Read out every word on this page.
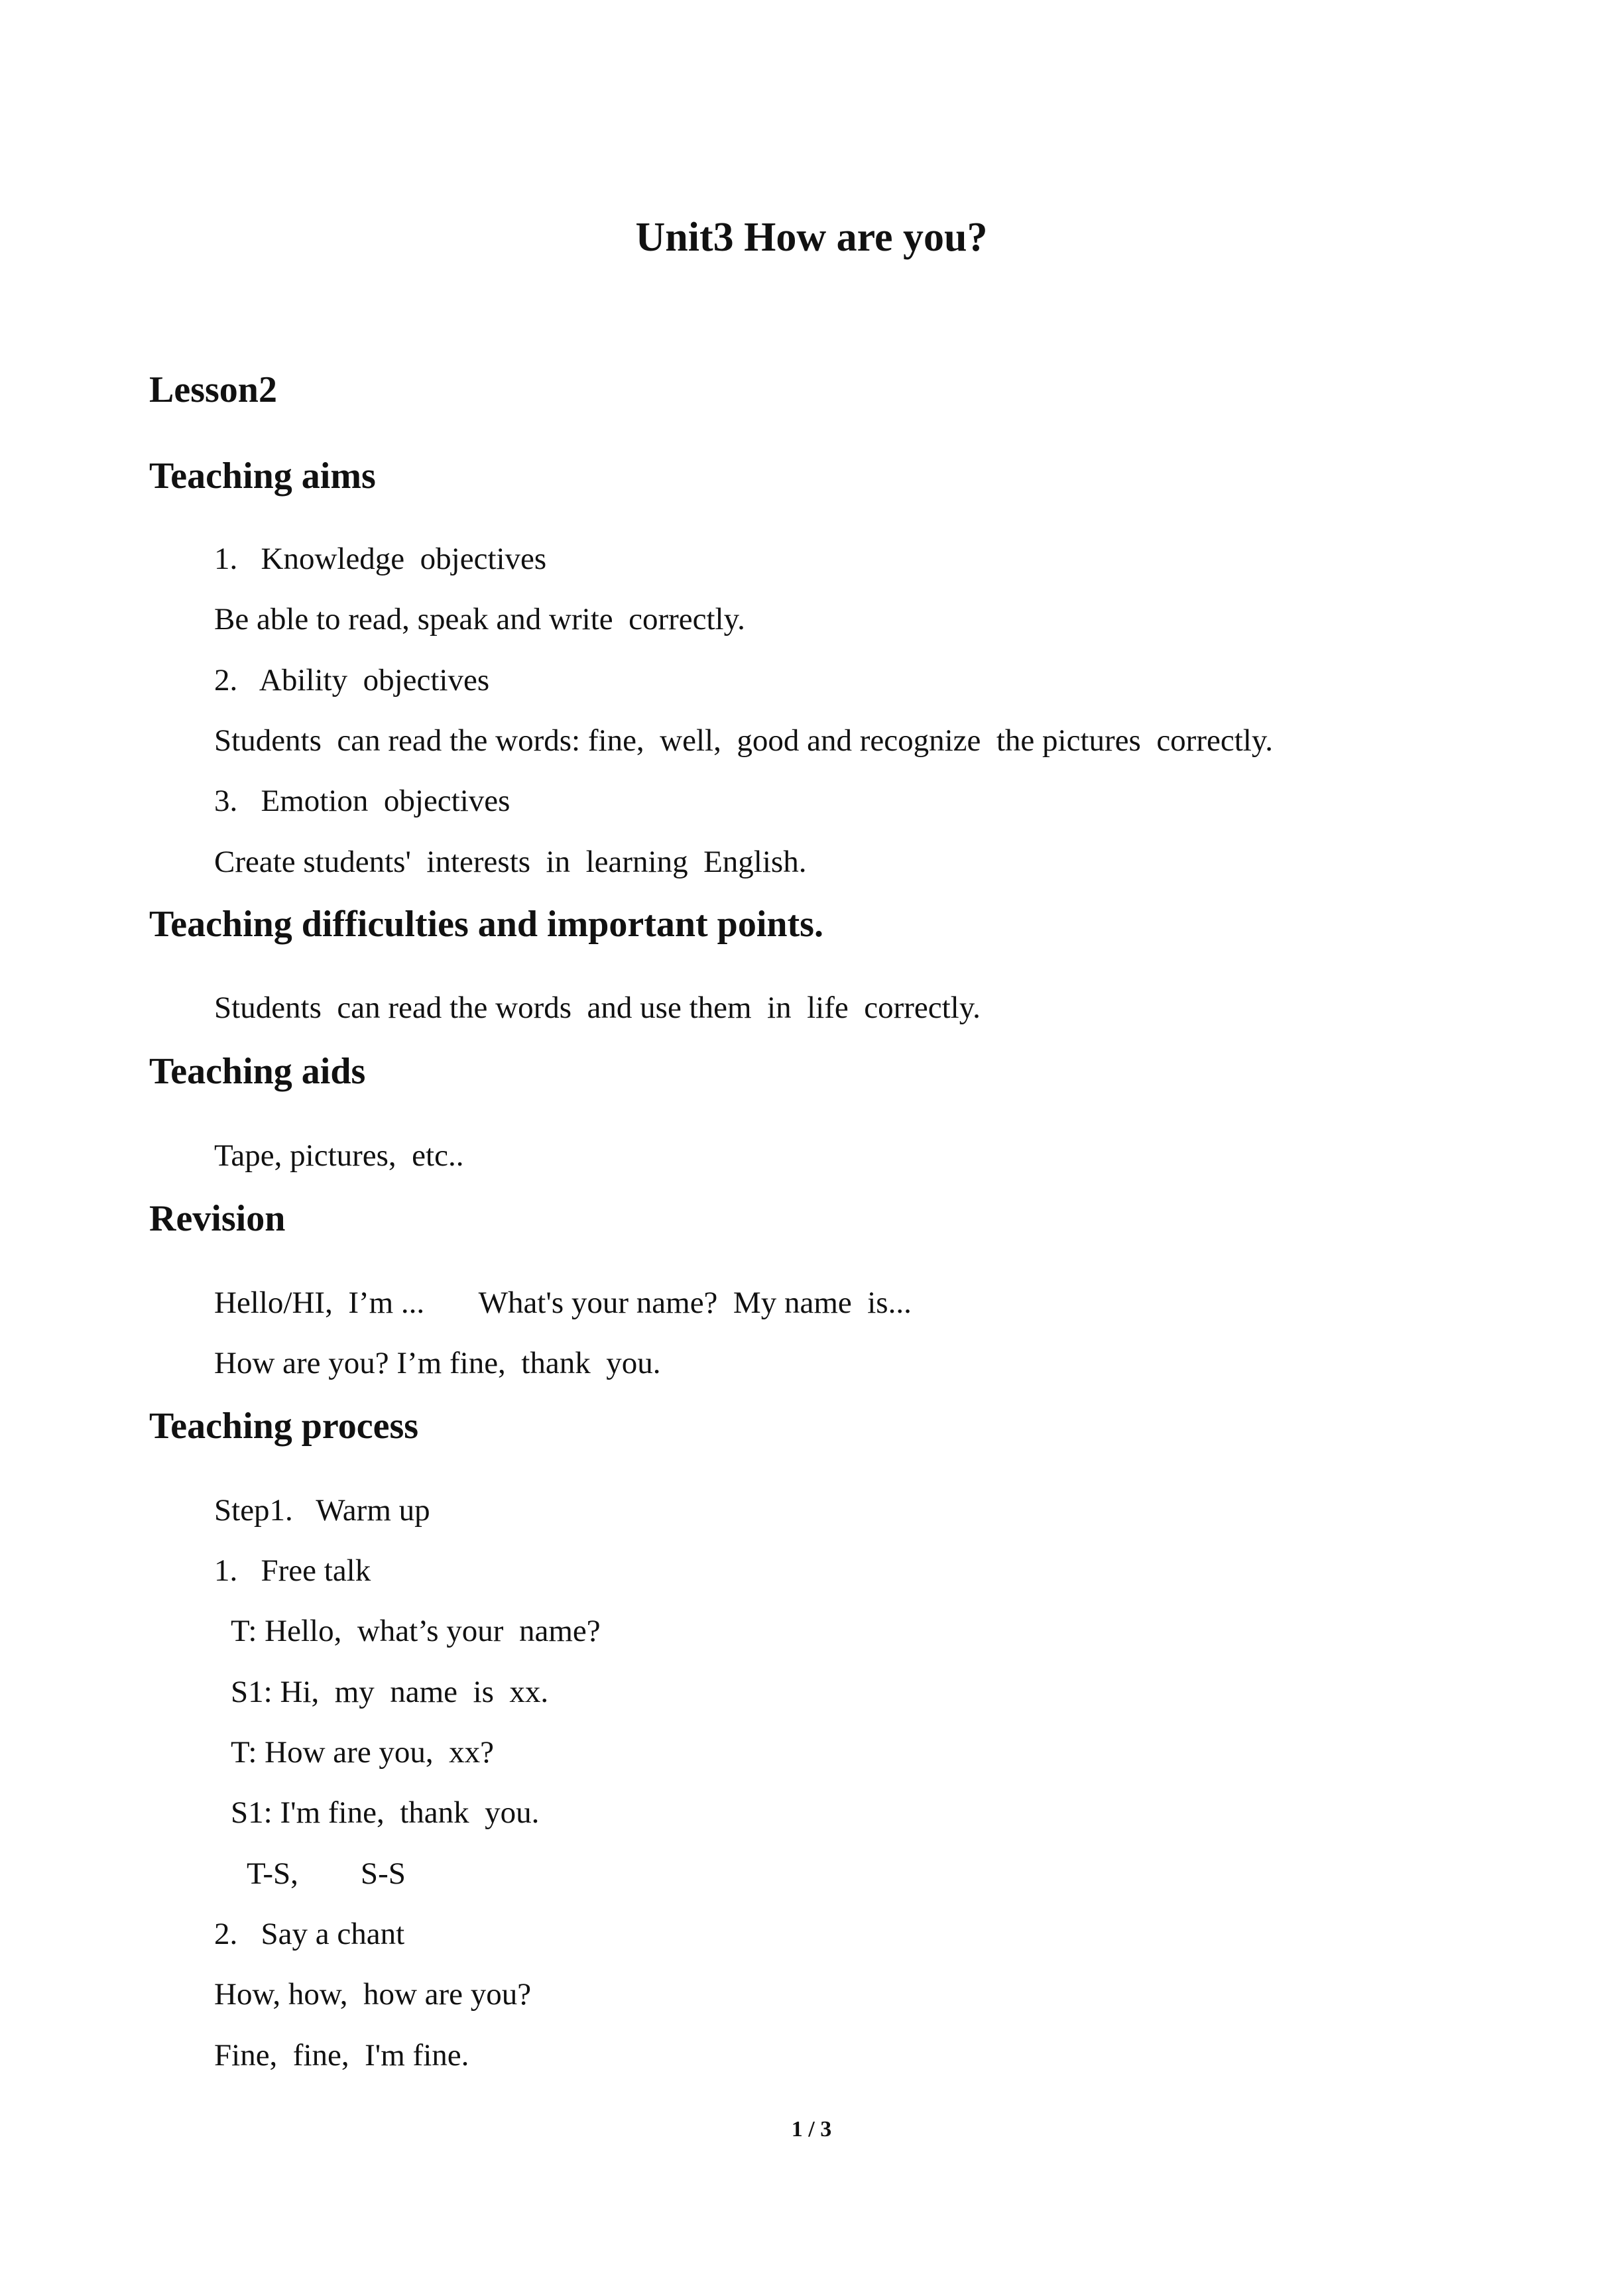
Unit3 How are you?
Lesson2
Teaching aims

1.   Knowledge  objectives

Be able to read, speak and write  correctly.

2.   Ability  objectives

Students  can read the words: fine,  well,  good and recognize  the pictures  correctly.

3.   Emotion  objectives

Create students'  interests  in  learning  English.

Teaching difficulties and important points.

Students  can read the words  and use them  in  life  correctly.

Teaching aids

Tape, pictures,  etc..

Revision

Hello/HI,  I’m ...       What's your name?  My name  is...

How are you? I’m fine,  thank  you.

Teaching process

Step1.   Warm up

1.   Free talk

T: Hello,  what’s your  name?

S1: Hi,  my  name  is  xx.

T: How are you,  xx?

S1: I'm fine,  thank  you.

T-S,        S-S

2.   Say a chant

How, how,  how are you?

Fine,  fine,  I'm fine.

1 / 3
